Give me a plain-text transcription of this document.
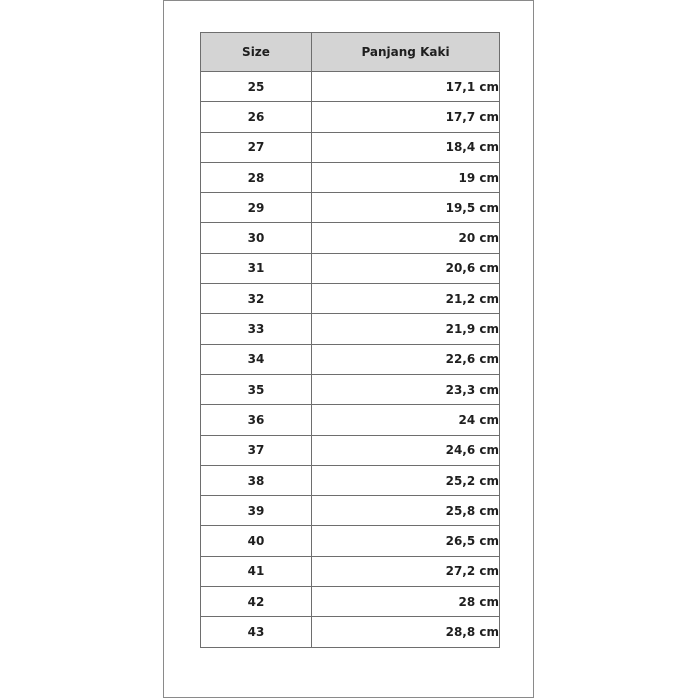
Size	Panjang Kaki
25	17,1 cm
26	17,7 cm
27	18,4 cm
28	19 cm
29	19,5 cm
30	20 cm
31	20,6 cm
32	21,2 cm
33	21,9 cm
34	22,6 cm
35	23,3 cm
36	24 cm
37	24,6 cm
38	25,2 cm
39	25,8 cm
40	26,5 cm
41	27,2 cm
42	28 cm
43	28,8 cm
